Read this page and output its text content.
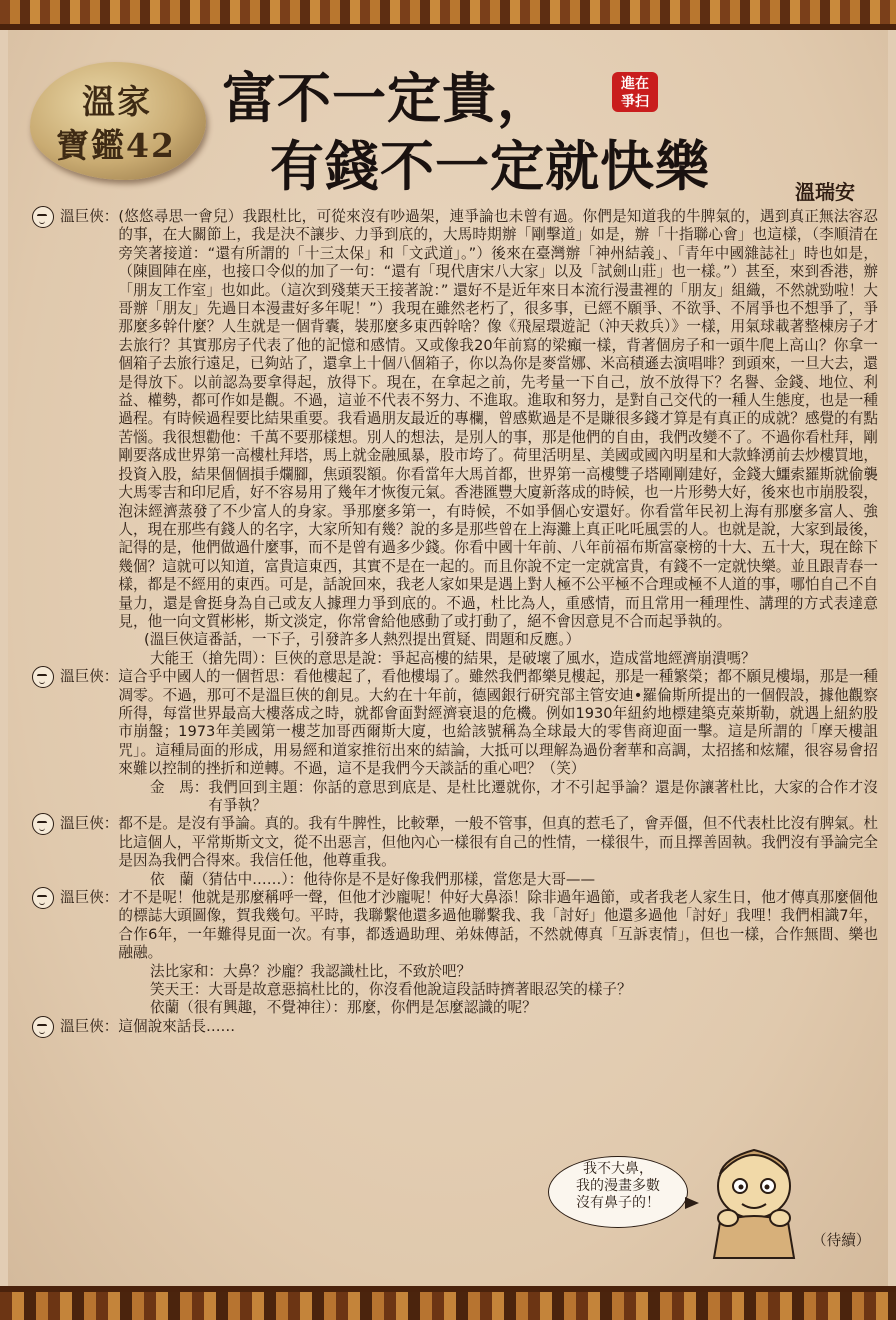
溫家
寶鑑42
富不一定貴，
有錢不一定就快樂
進在
爭扫
溫瑞安
溫巨俠： (悠悠尋思一會兒）我跟杜比，可從來沒有吵過架，連爭論也未曾有過。你們是知道我的牛脾氣的，遇到真正無法容忍的事，在大關節上，我是決不讓步、力爭到底的，大馬時期辦「剛擊道」如是，辦「十指聯心會」也這樣，（李順清在旁笑著接道：“還有所謂的「十三太保」和「文武道」。”）後來在臺灣辦「神州結義」、「青年中國雜誌社」時也如是，（陳圓陣在座，也接口令似的加了一句：“還有「現代唐宋八大家」以及「試劍山莊」也一樣。”）甚至，來到香港，辦「朋友工作室」也如此。（這次到殘葉天王接著說：” 還好不是近年來日本流行漫畫裡的「朋友」組織，不然就勁啦！大哥辦「朋友」先過日本漫畫好多年呢！”）我現在雖然老朽了，很多事，已經不願爭、不欲爭、不屑爭也不想爭了，爭那麼多幹什麼？人生就是一個背囊，裝那麼多東西幹啥？像《飛屋環遊記（沖天救兵）》一樣，用氣球載著整棟房子才去旅行？其實那房子代表了他的記憶和感情。又或像我20年前寫的梁癲一樣，背著個房子和一頭牛爬上高山？你拿一個箱子去旅行遠足，已夠站了，還拿上十個八個箱子，你以為你是麥當娜、米高積遜去演唱啡？到頭來，一旦大去，還是得放下。以前認為要拿得起，放得下。現在，在拿起之前，先考量一下自己，放不放得下？名譽、金錢、地位、利益、權勢，都可作如是觀。不過，這並不代表不努力、不進取。進取和努力，是對自己交代的一種人生態度，也是一種過程。有時候過程要比結果重要。我看過朋友最近的專欄，曾感歎過是不是賺很多錢才算是有真正的成就？感覺的有點苦惱。我很想勸他：千萬不要那樣想。別人的想法，是別人的事，那是他們的自由，我們改變不了。不過你看杜拜，剛剛要落成世界第一高樓杜拜塔，馬上就金融風暴，股市垮了。荷里活明星、美國或國內明星和大款蜂湧前去炒樓買地，投資入股，結果個個損手爛腳，焦頭裂額。你看當年大馬首都，世界第一高樓雙子塔剛剛建好，金錢大鱷索羅斯就偷襲大馬零吉和印尼盾，好不容易用了幾年才恢復元氣。香港匯豐大廈新落成的時候，也一片形勢大好，後來也市崩股裂，泡沫經濟蒸發了不少富人的身家。爭那麼多第一，有時候，不如爭個心安還好。你看當年民初上海有那麼多富人、強人，現在那些有錢人的名字，大家所知有幾？說的多是那些曾在上海灘上真正叱吒風雲的人。也就是說，大家到最後，記得的是，他們做過什麼事，而不是曾有過多少錢。你看中國十年前、八年前福布斯富豪榜的十大、五十大，現在餘下幾個？這就可以知道，富貴這東西，其實不是在一起的。而且你說不定一定就富貴，有錢不一定就快樂。並且跟青春一樣，都是不經用的東西。可是，話說回來，我老人家如果是遇上對人極不公平極不合理或極不人道的事，哪怕自己不自量力，還是會挺身為自己或友人據理力爭到底的。不過，杜比為人，重感情，而且常用一種理性、講理的方式表達意見，他一向文質彬彬，斯文淡定，你常會給他感動了或打動了，絕不會因意見不合而起爭執的。
(溫巨俠這番話，一下子，引發許多人熱烈提出質疑、問題和反應。）
大能王（搶先問）： 巨俠的意思是說：爭起高樓的結果，是破壞了風水，造成當地經濟崩潰嗎？
溫巨俠： 這合乎中國人的一個哲思：看他樓起了，看他樓塌了。雖然我們都樂見樓起，那是一種繁榮；都不願見樓塌，那是一種凋零。不過，那可不是溫巨俠的創見。大約在十年前，德國銀行研究部主管安迪•羅倫斯所提出的一個假設，據他觀察所得，每當世界最高大樓落成之時，就都會面對經濟衰退的危機。例如1930年紐約地標建築克萊斯勒，就遇上紐約股市崩盤；1973年美國第一樓芝加哥西爾斯大廈，也給該號稱為全球最大的零售商迎面一擊。這是所謂的「摩天樓詛咒」。這種局面的形成，用易經和道家推衍出來的結論，大抵可以理解為過份奢華和高調，太招搖和炫耀，很容易會招來難以控制的挫折和逆轉。不過，這不是我們今天談話的重心吧？（笑）
金　馬： 我們回到主題：你話的意思到底是、是杜比遷就你，才不引起爭論？還是你讓著杜比，大家的合作才沒有爭執？
溫巨俠： 都不是。是沒有爭論。真的。我有牛脾性，比較犟，一般不管事，但真的惹毛了，會弄僵，但不代表杜比沒有脾氣。杜比這個人，平常斯斯文文，從不出惡言，但他內心一樣很有自己的性情，一樣很牛，而且擇善固執。我們沒有爭論完全是因為我們合得來。我信任他，他尊重我。
依　蘭（猜估中……）： 他待你是不是好像我們那樣，當您是大哥——
溫巨俠： 才不是呢！他就是那麼稱呼一聲，但他才沙龐呢！仲好大鼻添！除非過年過節，或者我老人家生日，他才傳真那麼個他的標誌大頭圖像，賀我幾句。平時，我聯繫他還多過他聯繫我、我「討好」他還多過他「討好」我哩！我們相識7年，合作6年，一年難得見面一次。有事，都透過助理、弟妹傳話，不然就傳真「互訴衷情」，但也一樣，合作無間、樂也融融。
法比家和： 大鼻？沙龐？我認識杜比，不致於吧？
笑天王： 大哥是故意惡搞杜比的，你沒看他說這段話時擠著眼忍笑的樣子？
依蘭（很有興趣，不覺神往）： 那麼，你們是怎麼認識的呢？
溫巨俠： 這個說來話長……
我不大鼻，
我的漫畫多數
沒有鼻子的！
（待續）
